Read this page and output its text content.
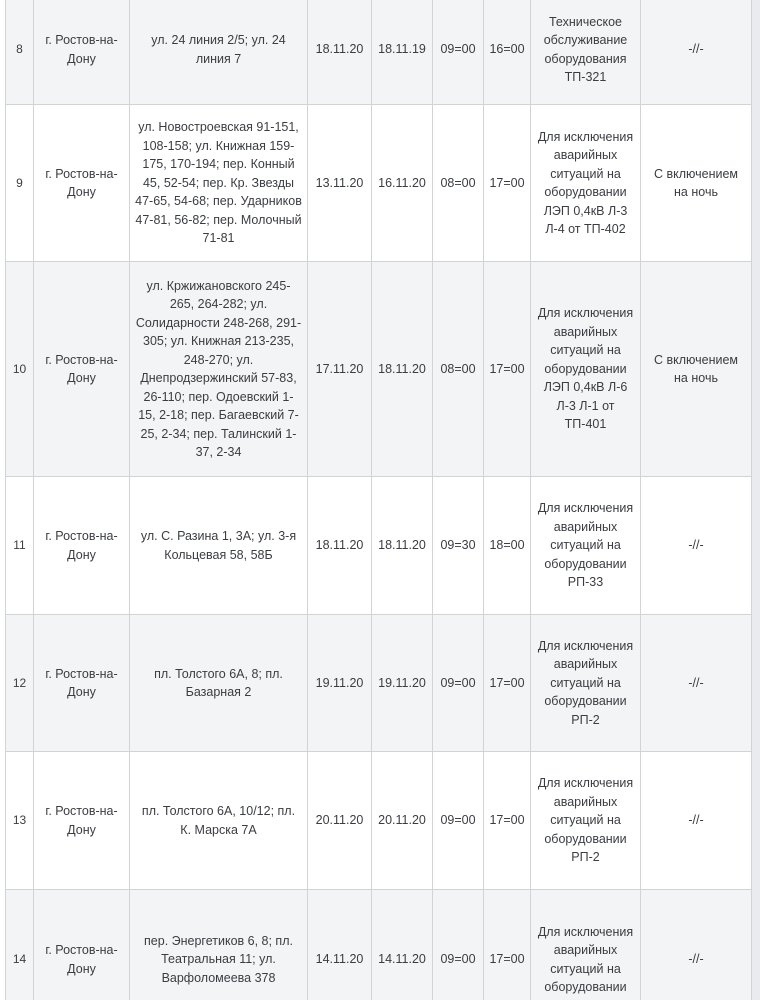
8	г. Ростов-на-Дону	ул. 24 линия 2/5; ул. 24 линия 7	18.11.20	18.11.19	09=00	16=00	Техническое обслуживание оборудования ТП-321	-//-
9	г. Ростов-на-Дону	ул. Новостроевская 91-151, 108-158; ул. Книжная 159-175, 170-194; пер. Конный 45, 52-54; пер. Кр. Звезды 47-65, 54-68; пер. Ударников 47-81, 56-82; пер. Молочный 71-81	13.11.20	16.11.20	08=00	17=00	Для исключения аварийных ситуаций на оборудовании ЛЭП 0,4кВ Л-3 Л-4 от ТП-402	С включением на ночь
10	г. Ростов-на-Дону	ул. Кржижановского 245-265, 264-282; ул. Солидарности 248-268, 291-305; ул. Книжная 213-235, 248-270; ул. Днепродзержинский 57-83, 26-110; пер. Одоевский 1-15, 2-18; пер. Багаевский 7-25, 2-34; пер. Талинский 1-37, 2-34	17.11.20	18.11.20	08=00	17=00	Для исключения аварийных ситуаций на оборудовании ЛЭП 0,4кВ Л-6 Л-3 Л-1 от ТП-401	С включением на ночь
11	г. Ростов-на-Дону	ул. С. Разина 1, 3А; ул. 3-я Кольцевая 58, 58Б	18.11.20	18.11.20	09=30	18=00	Для исключения аварийных ситуаций на оборудовании РП-33	-//-
12	г. Ростов-на-Дону	пл. Толстого 6А, 8; пл. Базарная 2	19.11.20	19.11.20	09=00	17=00	Для исключения аварийных ситуаций на оборудовании РП-2	-//-
13	г. Ростов-на-Дону	пл. Толстого 6А, 10/12; пл. К. Марска 7А	20.11.20	20.11.20	09=00	17=00	Для исключения аварийных ситуаций на оборудовании РП-2	-//-
14	г. Ростов-на-Дону	пер. Энергетиков 6, 8; пл. Театральная 11; ул. Варфоломеева 378	14.11.20	14.11.20	09=00	17=00	Для исключения аварийных ситуаций на оборудовании	-//-
